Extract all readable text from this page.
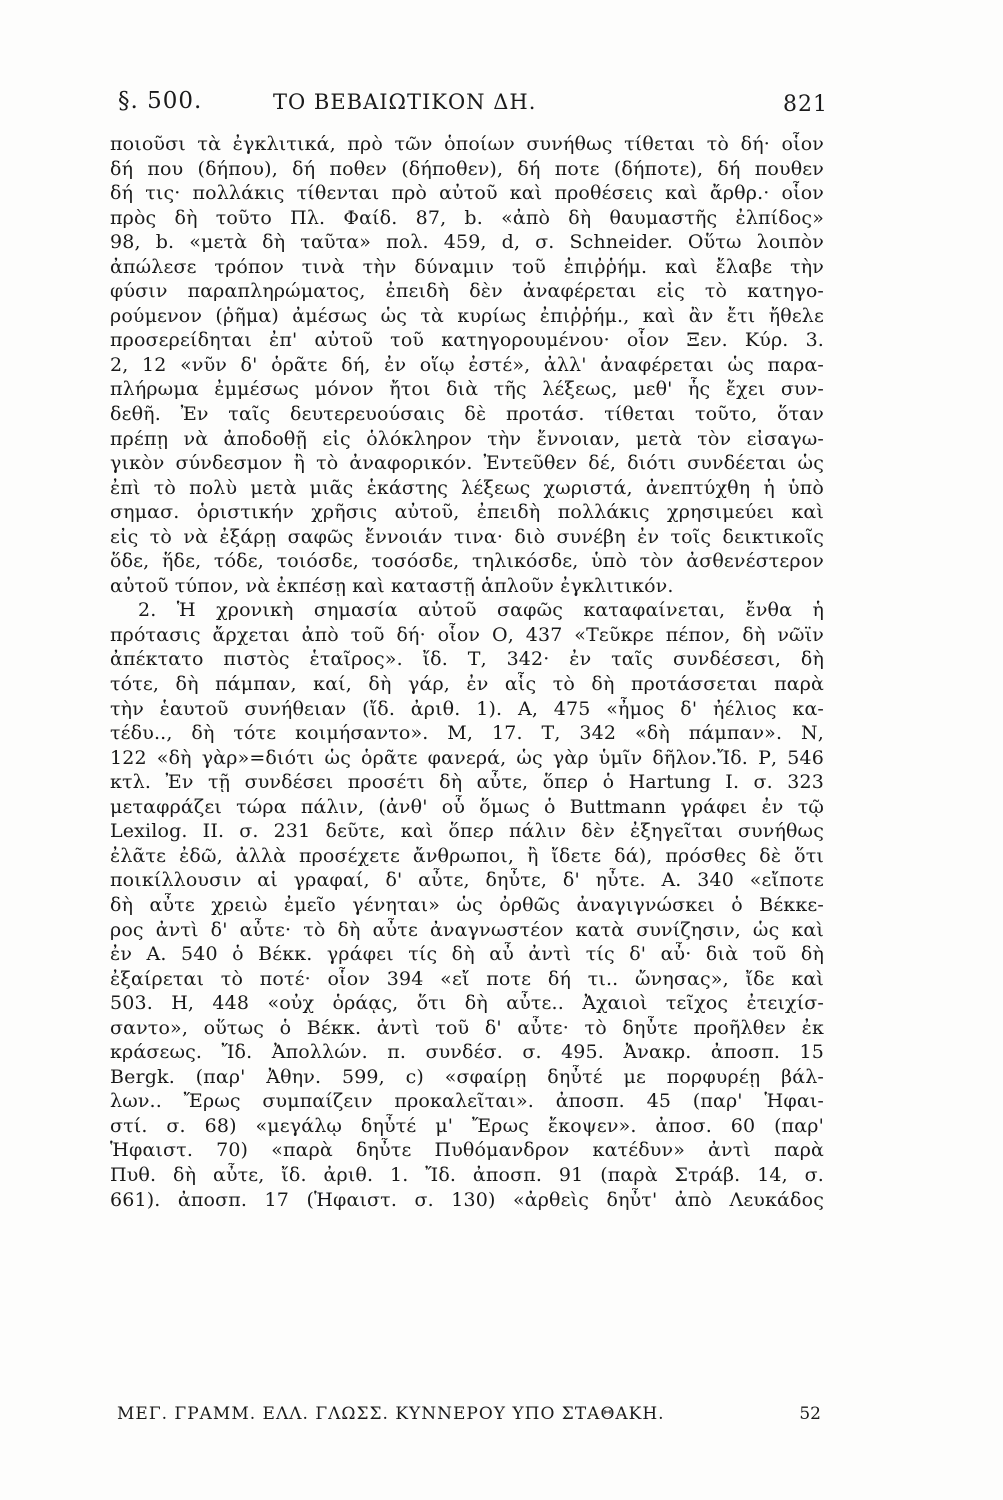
§. 500.	ΤΟ ΒΕΒΑΙΩΤΙΚΟΝ ΔΗ.	821
ποιοῦσι τὰ ἐγκλιτικά, πρὸ τῶν ὁποίων συνήθως τίθεται τὸ δή· οἷον
δή που (δήπου), δή ποθεν (δήποθεν), δή ποτε (δήποτε), δή πουθεν
δή τις· πολλάκις τίθενται πρὸ αὐτοῦ καὶ προθέσεις καὶ ἄρθρ.· οἷον
πρὸς δὴ τοῦτο Πλ. Φαίδ. 87, b. «ἀπὸ δὴ θαυμαστῆς ἐλπίδος»
98, b. «μετὰ δὴ ταῦτα» πολ. 459, d, σ. Schneider. Οὕτω λοιπὸν
ἀπώλεσε τρόπον τινὰ τὴν δύναμιν τοῦ ἐπιῤῥήμ. καὶ ἔλαβε τὴν
φύσιν παραπληρώματος, ἐπειδὴ δὲν ἀναφέρεται εἰς τὸ κατηγο-
ρούμενον (ῥῆμα) ἀμέσως ὡς τὰ κυρίως ἐπιῤῥήμ., καὶ ἂν ἔτι ἤθελε
προσερείδηται ἐπ' αὐτοῦ τοῦ κατηγορουμένου· οἷον Ξεν. Κύρ. 3.
2, 12 «νῦν δ' ὁρᾶτε δή, ἐν οἵῳ ἐστέ», ἀλλ' ἀναφέρεται ὡς παρα-
πλήρωμα ἐμμέσως μόνον ἤτοι διὰ τῆς λέξεως, μεθ' ἧς ἔχει συν-
δεθῆ. Ἐν ταῖς δευτερευούσαις δὲ προτάσ. τίθεται τοῦτο, ὅταν
πρέπῃ νὰ ἀποδοθῇ εἰς ὁλόκληρον τὴν ἔννοιαν, μετὰ τὸν εἰσαγω-
γικὸν σύνδεσμον ἢ τὸ ἀναφορικόν. Ἐντεῦθεν δέ, διότι συνδέεται ὡς
ἐπὶ τὸ πολὺ μετὰ μιᾶς ἑκάστης λέξεως χωριστά, ἀνεπτύχθη ἡ ὑπὸ
σημασ. ὁριστικήν χρῆσις αὐτοῦ, ἐπειδὴ πολλάκις χρησιμεύει καὶ
εἰς τὸ νὰ ἐξάρῃ σαφῶς ἔννοιάν τινα· διὸ συνέβη ἐν τοῖς δεικτικοῖς
ὅδε, ἥδε, τόδε, τοιόσδε, τοσόσδε, τηλικόσδε, ὑπὸ τὸν ἀσθενέστερον
αὐτοῦ τύπον, νὰ ἐκπέσῃ καὶ καταστῇ ἁπλοῦν ἐγκλιτικόν.
2. Ἡ χρονικὴ σημασία αὐτοῦ σαφῶς καταφαίνεται, ἔνθα ἡ
πρότασις ἄρχεται ἀπὸ τοῦ δή· οἷον Ο, 437 «Τεῦκρε πέπον, δὴ νῶϊν
ἀπέκτατο πιστὸς ἑταῖρος». ἴδ. Τ, 342· ἐν ταῖς συνδέσεσι, δὴ
τότε, δὴ πάμπαν, καί, δὴ γάρ, ἐν αἷς τὸ δὴ προτάσσεται παρὰ
τὴν ἑαυτοῦ συνήθειαν (ἴδ. ἀριθ. 1). Α, 475 «ἦμος δ' ἠέλιος κα-
τέδυ.., δὴ τότε κοιμήσαντο». Μ, 17. Τ, 342 «δὴ πάμπαν». Ν,
122 «δὴ γὰρ»=διότι ὡς ὁρᾶτε φανερά, ὡς γὰρ ὑμῖν δῆλον.Ἴδ. Ρ, 546
κτλ. Ἐν τῇ συνδέσει προσέτι δὴ αὖτε, ὅπερ ὁ Hartung I. σ. 323
μεταφράζει τώρα πάλιν, (ἀνθ' οὗ ὅμως ὁ Buttmann γράφει ἐν τῷ
Lexilog. II. σ. 231 δεῦτε, καὶ ὅπερ πάλιν δὲν ἐξηγεῖται συνήθως
ἐλᾶτε ἐδῶ, ἀλλὰ προσέχετε ἄνθρωποι, ἢ ἴδετε δά), πρόσθες δὲ ὅτι
ποικίλλουσιν αἱ γραφαί, δ' αὖτε, δηὖτε, δ' ηὖτε. Α. 340 «εἴποτε
δὴ αὖτε χρειὼ ἐμεῖο γένηται» ὡς ὀρθῶς ἀναγιγνώσκει ὁ Βέκκε-
ρος ἀντὶ δ' αὖτε· τὸ δὴ αὖτε ἀναγνωστέον κατὰ συνίζησιν, ὡς καὶ
ἐν Α. 540 ὁ Βέκκ. γράφει τίς δὴ αὖ ἀντὶ τίς δ' αὖ· διὰ τοῦ δὴ
ἐξαίρεται τὸ ποτέ· οἷον 394 «εἴ ποτε δή τι.. ὤνησας», ἴδε καὶ
503. Η, 448 «οὐχ ὁράᾳς, ὅτι δὴ αὖτε.. Ἀχαιοὶ τεῖχος ἐτειχίσ-
σαντο», οὕτως ὁ Βέκκ. ἀντὶ τοῦ δ' αὖτε· τὸ δηὖτε προῆλθεν ἐκ
κράσεως. Ἴδ. Ἀπολλών. π. συνδέσ. σ. 495. Ἀνακρ. ἀποσπ. 15
Bergk. (παρ' Ἀθην. 599, c) «σφαίρῃ δηὖτέ με πορφυρέῃ βάλ-
λων.. Ἔρως συμπαίζειν προκαλεῖται». ἀποσπ. 45 (παρ' Ἡφαι-
στί. σ. 68) «μεγάλῳ δηὖτέ μ' Ἔρως ἔκοψεν». ἀποσ. 60 (παρ'
Ἡφαιστ. 70) «παρὰ δηὖτε Πυθόμανδρον κατέδυν» ἀντὶ παρὰ
Πυθ. δὴ αὖτε, ἴδ. ἀριθ. 1. Ἴδ. ἀποσπ. 91 (παρὰ Στράβ. 14, σ.
661). ἀποσπ. 17 (Ἡφαιστ. σ. 130) «ἀρθεὶς δηὖτ' ἀπὸ Λευκάδος
ΜΕΓ. ΓΡΑΜΜ. ΕΛΛ. ΓΛΩΣΣ. ΚΥΝΝΕΡΟΥ ΥΠΟ ΣΤΑΘΑΚΗ.	52
